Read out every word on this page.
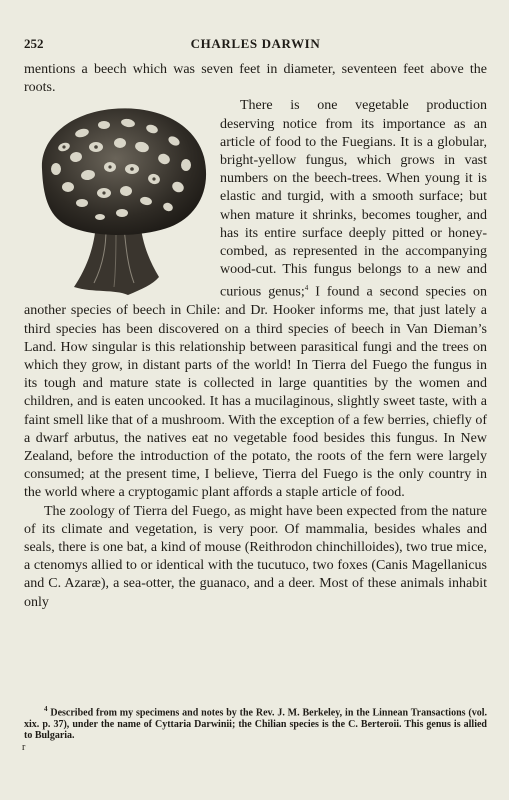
252	CHARLES DARWIN

mentions a beech which was seven feet in diameter, seventeen feet above the roots.

There is one vegetable production deserving notice from its importance as an article of food to the Fuegians. It is a globular, bright-yellow fungus, which grows in vast numbers on the beech-trees. When young it is elastic and turgid, with a smooth surface; but when mature it shrinks, becomes tougher, and has its entire surface deeply pitted or honey-combed, as represented in the accompanying wood-cut. This fungus belongs to a new and curious genus;$^4$ I found a second species on another species of beech in Chile: and Dr. Hooker informs me, that just lately a third species has been discovered on a third species of beech in Van Dieman’s Land. How singular is this relationship between parasitical fungi and the trees on which they grow, in distant parts of the world! In Tierra del Fuego the fungus in its tough and mature state is collected in large quantities by the women and children, and is eaten uncooked. It has a mucilaginous, slightly sweet taste, with a faint smell like that of a mushroom. With the exception of a few berries, chiefly of a dwarf arbutus, the natives eat no vegetable food besides this fungus. In New Zealand, before the introduction of the potato, the roots of the fern were largely consumed; at the present time, I believe, Tierra del Fuego is the only country in the world where a cryptogamic plant affords a staple article of food.

The zoology of Tierra del Fuego, as might have been expected from the nature of its climate and vegetation, is very poor. Of mammalia, besides whales and seals, there is one bat, a kind of mouse (Reithrodon chinchilloides), two true mice, a ctenomys allied to or identical with the tucutuco, two foxes (Canis Magellanicus and C. Azaræ), a sea-otter, the guanaco, and a deer. Most of these animals inhabit only

$^4$ Described from my specimens and notes by the Rev. J. M. Berkeley, in the Linnean Transactions (vol. xix. p. 37), under the name of Cyttaria Darwinii; the Chilian species is the C. Berteroii. This genus is allied to Bulgaria.

r
